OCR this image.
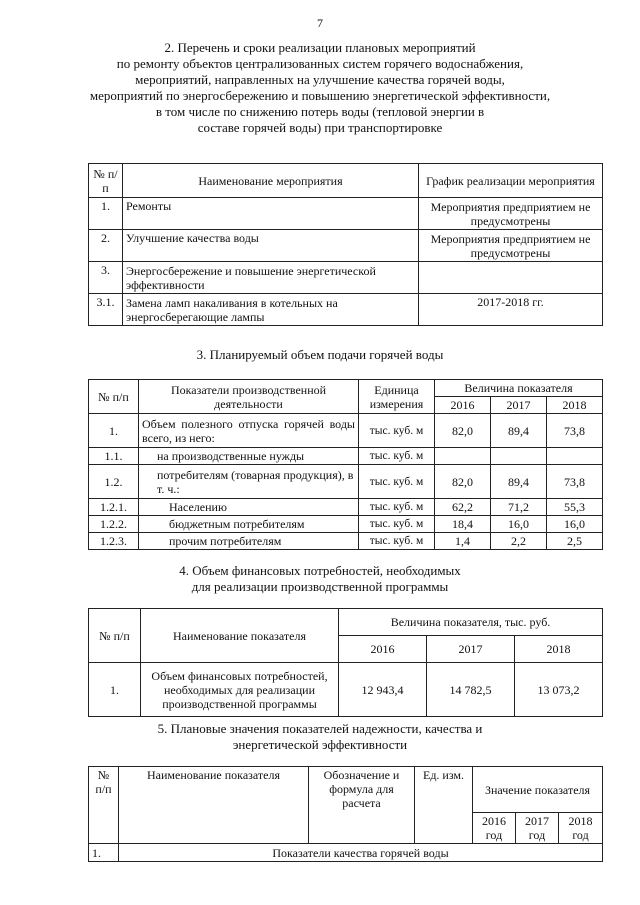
7
2. Перечень и сроки реализации плановых мероприятий
по ремонту объектов централизованных систем горячего водоснабжения,
мероприятий, направленных на улучшение качества горячей воды,
мероприятий по энергосбережению и повышению энергетической эффективности,
в том числе по снижению потерь воды (тепловой энергии в
составе горячей воды) при транспортировке
№ п/п	Наименование мероприятия	График реализации мероприятия
1.	Ремонты	Мероприятия предприятием не предусмотрены
2.	Улучшение качества воды	Мероприятия предприятием не предусмотрены
3.	Энергосбережение и повышение энергетической эффективности	
3.1.	Замена ламп накаливания в котельных на энергосберегающие лампы	2017-2018 гг.
3. Планируемый объем подачи горячей воды
№ п/п	Показатели производственной деятельности	Единица измерения	Величина показателя		
			2016	2017	2018
1.	Объем полезного отпуска горячей воды всего, из него:	тыс. куб. м	82,0	89,4	73,8
1.1.	на производственные нужды	тыс. куб. м			
1.2.	потребителям (товарная продукция), в т. ч.:	тыс. куб. м	82,0	89,4	73,8
1.2.1.	Населению	тыс. куб. м	62,2	71,2	55,3
1.2.2.	бюджетным потребителям	тыс. куб. м	18,4	16,0	16,0
1.2.3.	прочим потребителям	тыс. куб. м	1,4	2,2	2,5
4. Объем финансовых потребностей, необходимых
для реализации производственной программы
№ п/п	Наименование показателя	Величина показателя, тыс. руб.		
		2016	2017	2018
1.	Объем финансовых потребностей, необходимых для реализации производственной программы	12 943,4	14 782,5	13 073,2
5. Плановые значения показателей надежности, качества и
энергетической эффективности
№ п/п	Наименование показателя	Обозначение и формула для расчета	Ед. изм.	Значение показателя		
				2016 год	2017 год	2018 год
1.	Показатели качества горячей воды					
